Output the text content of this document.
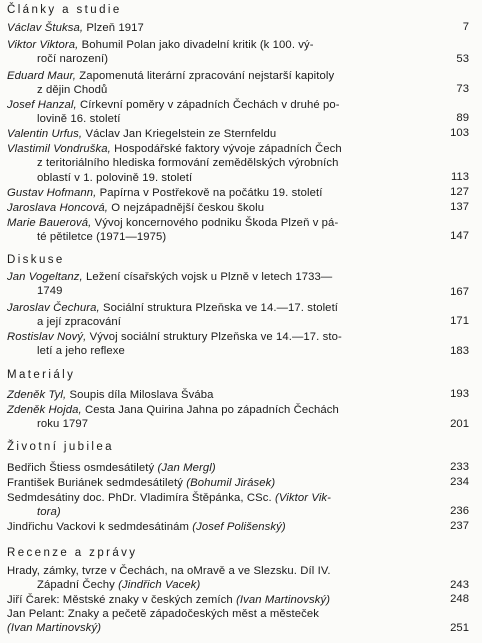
Články a studie
Václav Štuksa, Plzeň 1917	7
Viktor Viktora, Bohumil Polan jako divadelní kritik (k 100. vý-
ročí narození)	53
Eduard Maur, Zapomenutá literární zpracování nejstarší kapitoly
z dějin Chodů	73
Josef Hanzal, Církevní poměry v západních Čechách v druhé po-
lovině 16. století	89
Valentin Urfus, Václav Jan Kriegelstein ze Sternfeldu	103
Vlastimil Vondruška, Hospodářské faktory vývoje západních Čech
z teritoriálního hlediska formování zemědělských výrobních
oblastí v 1. polovině 19. století	113
Gustav Hofmann, Papírna v Postřekově na počátku 19. století	127
Jaroslava Honcová, O nejzápadnější českou školu	137
Marie Bauerová, Vývoj koncernového podniku Škoda Plzeň v pá-
té pětiletce (1971—1975)	147
Diskuse
Jan Vogeltanz, Ležení císařských vojsk u Plzně v letech 1733—
1749	167
Jaroslav Čechura, Sociální struktura Plzeňska ve 14.—17. století
a její zpracování	171
Rostislav Nový, Vývoj sociální struktury Plzeňska ve 14.—17. sto-
letí a jeho reflexe	183
Materiály
Zdeněk Tyl, Soupis díla Miloslava Švába	193
Zdeněk Hojda, Cesta Jana Quirina Jahna po západních Čechách
roku 1797	201
Životní jubilea
Bedřich Štiess osmdesátiletý (Jan Mergl)	233
František Buriánek sedmdesátiletý (Bohumil Jirásek)	234
Sedmdesátiny doc. PhDr. Vladimíra Štěpánka, CSc. (Viktor Vik-
tora)	236
Jindřichu Vackovi k sedmdesátinám (Josef Polišenský)	237
Recenze a zprávy
Hrady, zámky, tvrze v Čechách, na oMravě a ve Slezsku. Díl IV.
Západní Čechy (Jindřich Vacek)	243
Jiří Čarek: Městské znaky v českých zemích (Ivan Martinovský)	248
Jan Pelant: Znaky a pečetě západočeských měst a městeček
(Ivan Martinovský)	251
